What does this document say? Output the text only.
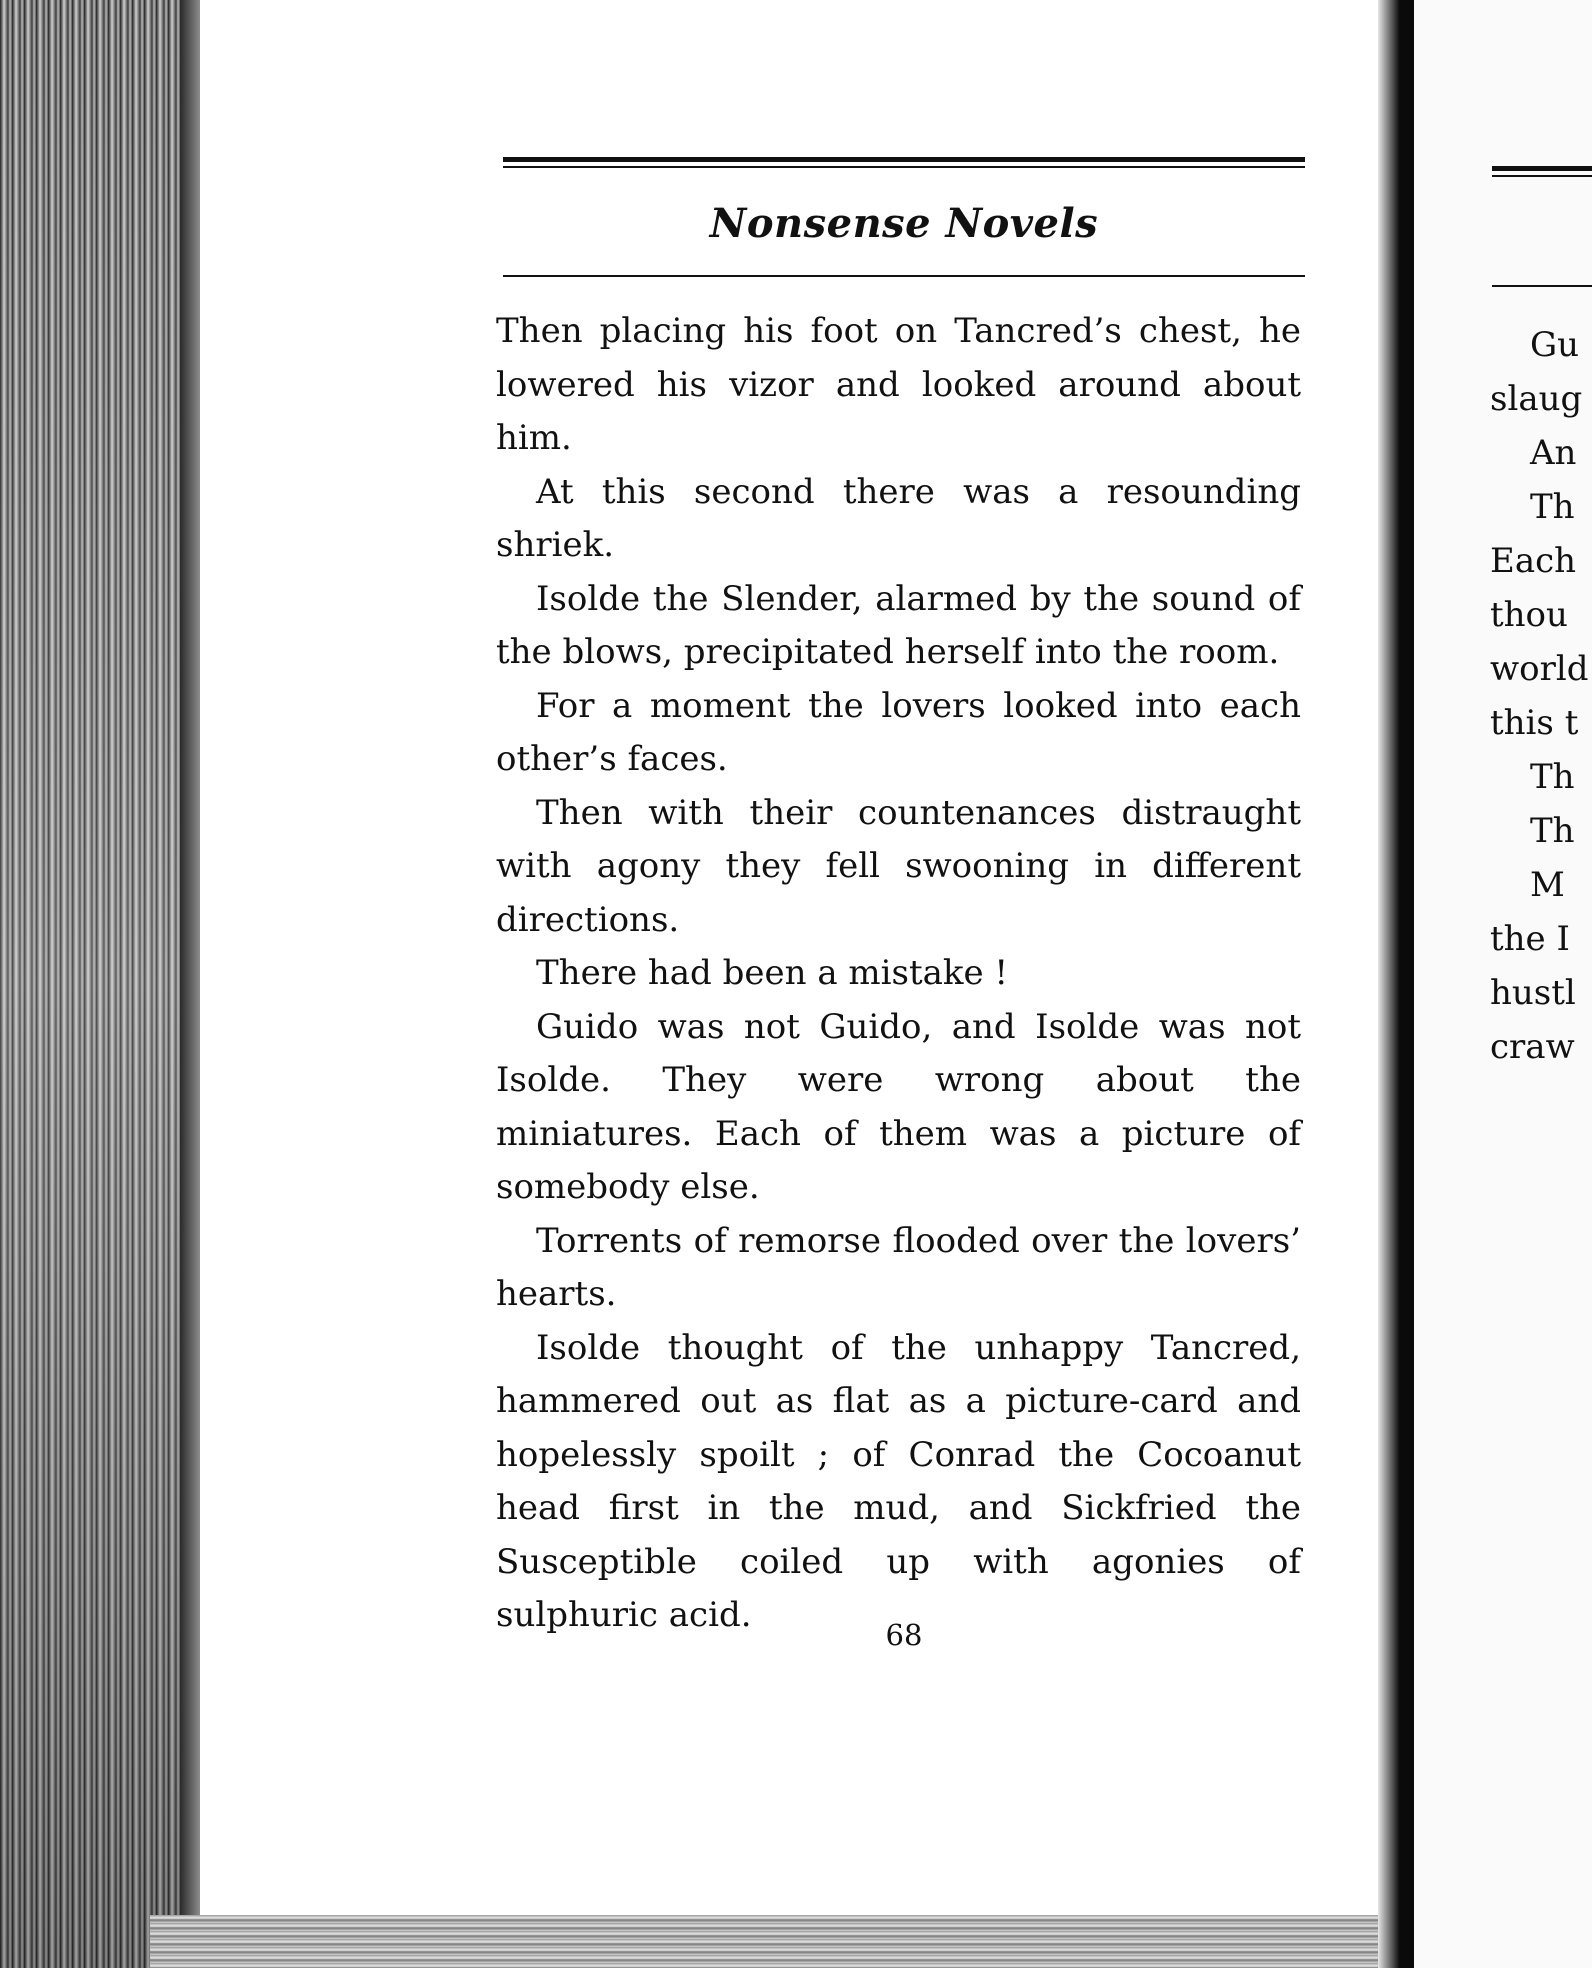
Nonsense Novels

Then placing his foot on Tancred’s chest, he lowered his vizor and looked around about him.

At this second there was a resounding shriek.

Isolde the Slender, alarmed by the sound of the blows, precipitated herself into the room.

For a moment the lovers looked into each other’s faces.

Then with their countenances distraught with agony they fell swooning in different directions.

There had been a mistake !

Guido was not Guido, and Isolde was not Isolde. They were wrong about the miniatures. Each of them was a picture of somebody else.

Torrents of remorse flooded over the lovers’ hearts.

Isolde thought of the unhappy Tancred, hammered out as flat as a picture-card and hopelessly spoilt ; of Conrad the Cocoanut head first in the mud, and Sickfried the Susceptible coiled up with agonies of sulphuric acid.	68
Gu
slaug
An
Th
Each
thou
world
this t
Th
Th
M
the I
hustl
craw
